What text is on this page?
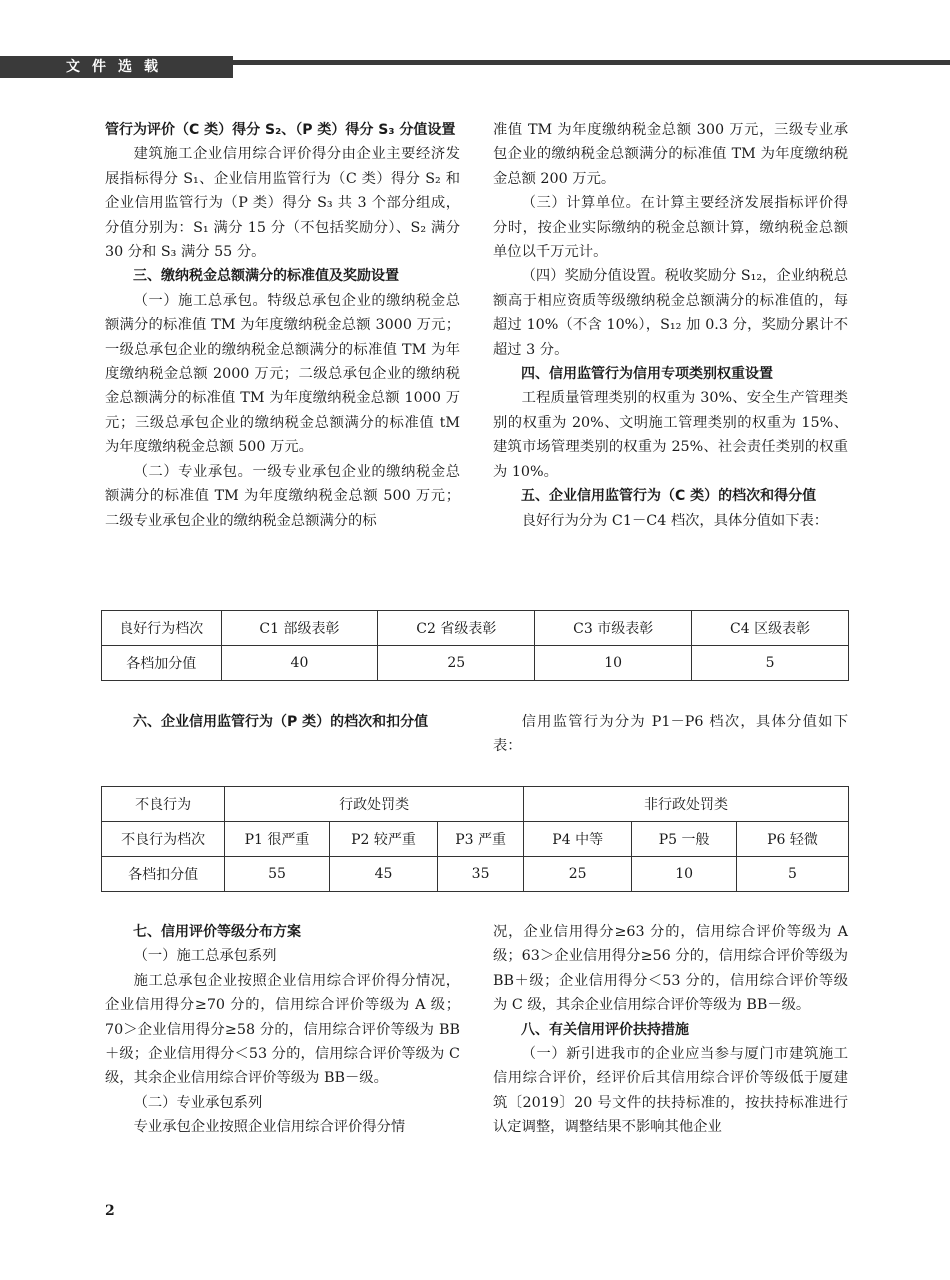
文件选载

管行为评价（C 类）得分 S₂、（P 类）得分 S₃ 分值设置

建筑施工企业信用综合评价得分由企业主要经济发展指标得分 S₁、企业信用监管行为（C 类）得分 S₂ 和企业信用监管行为（P 类）得分 S₃ 共 3 个部分组成，分值分别为：S₁ 满分 15 分（不包括奖励分）、S₂ 满分 30 分和 S₃ 满分 55 分。

三、缴纳税金总额满分的标准值及奖励设置

（一）施工总承包。特级总承包企业的缴纳税金总额满分的标准值 TM 为年度缴纳税金总额 3000 万元；一级总承包企业的缴纳税金总额满分的标准值 TM 为年度缴纳税金总额 2000 万元；二级总承包企业的缴纳税金总额满分的标准值 TM 为年度缴纳税金总额 1000 万元；三级总承包企业的缴纳税金总额满分的标准值 tM 为年度缴纳税金总额 500 万元。

（二）专业承包。一级专业承包企业的缴纳税金总额满分的标准值 TM 为年度缴纳税金总额 500 万元；二级专业承包企业的缴纳税金总额满分的标

准值 TM 为年度缴纳税金总额 300 万元，三级专业承包企业的缴纳税金总额满分的标准值 TM 为年度缴纳税金总额 200 万元。

（三）计算单位。在计算主要经济发展指标评价得分时，按企业实际缴纳的税金总额计算，缴纳税金总额单位以千万元计。

（四）奖励分值设置。税收奖励分 S₁₂，企业纳税总额高于相应资质等级缴纳税金总额满分的标准值的，每超过 10%（不含 10%），S₁₂ 加 0.3 分，奖励分累计不超过 3 分。

四、信用监管行为信用专项类别权重设置

工程质量管理类别的权重为 30%、安全生产管理类别的权重为 20%、文明施工管理类别的权重为 15%、建筑市场管理类别的权重为 25%、社会责任类别的权重为 10%。

五、企业信用监管行为（C 类）的档次和得分值

良好行为分为 C1－C4 档次，具体分值如下表：

良好行为档次	C1 部级表彰	C2 省级表彰	C3 市级表彰	C4 区级表彰
各档加分值	40	25	10	5

六、企业信用监管行为（P 类）的档次和扣分值	信用监管行为分为 P1－P6 档次，具体分值如下表：

不良行为	行政处罚类			非行政处罚类		
不良行为档次	P1 很严重	P2 较严重	P3 严重	P4 中等	P5 一般	P6 轻微
各档扣分值	55	45	35	25	10	5

七、信用评价等级分布方案

（一）施工总承包系列

施工总承包企业按照企业信用综合评价得分情况，企业信用得分≥70 分的，信用综合评价等级为 A 级；70＞企业信用得分≥58 分的，信用综合评价等级为 BB＋级；企业信用得分＜53 分的，信用综合评价等级为 C 级，其余企业信用综合评价等级为 BB－级。

（二）专业承包系列

专业承包企业按照企业信用综合评价得分情

况，企业信用得分≥63 分的，信用综合评价等级为 A 级；63＞企业信用得分≥56 分的，信用综合评价等级为 BB＋级；企业信用得分＜53 分的，信用综合评价等级为 C 级，其余企业信用综合评价等级为 BB－级。

八、有关信用评价扶持措施

（一）新引进我市的企业应当参与厦门市建筑施工信用综合评价，经评价后其信用综合评价等级低于厦建筑〔2019〕20 号文件的扶持标准的，按扶持标准进行认定调整，调整结果不影响其他企业

2
